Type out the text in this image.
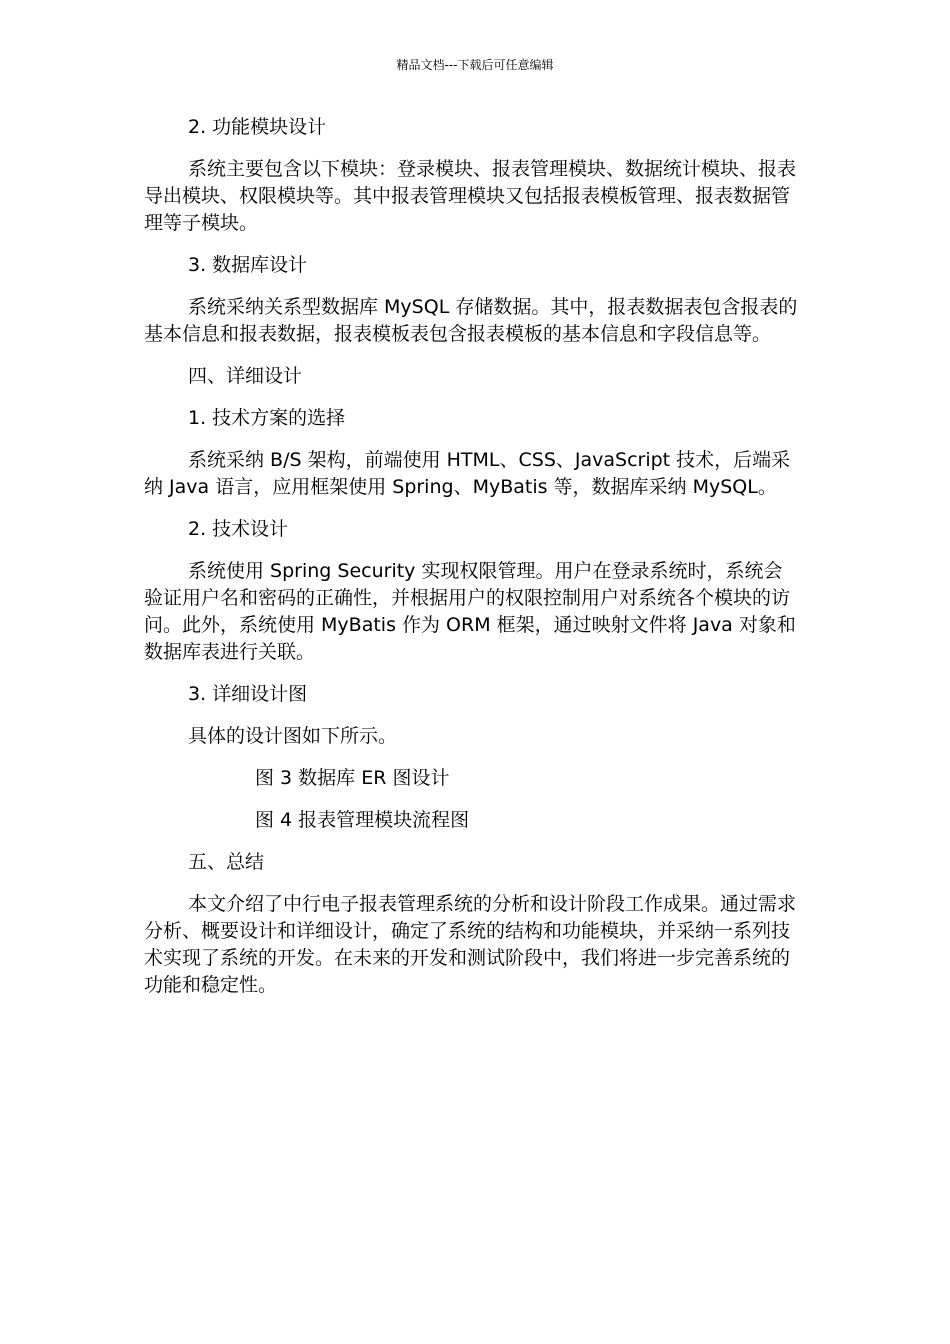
精品文档---下载后可任意编辑
2. 功能模块设计
系统主要包含以下模块：登录模块、报表管理模块、数据统计模块、报表导出模块、权限模块等。其中报表管理模块又包括报表模板管理、报表数据管理等子模块。
3. 数据库设计
系统采纳关系型数据库 MySQL 存储数据。其中，报表数据表包含报表的基本信息和报表数据，报表模板表包含报表模板的基本信息和字段信息等。
四、详细设计
1. 技术方案的选择
系统采纳 B/S 架构，前端使用 HTML、CSS、JavaScript 技术，后端采纳 Java 语言，应用框架使用 Spring、MyBatis 等，数据库采纳 MySQL。
2. 技术设计
系统使用 Spring Security 实现权限管理。用户在登录系统时，系统会验证用户名和密码的正确性，并根据用户的权限控制用户对系统各个模块的访问。此外，系统使用 MyBatis 作为 ORM 框架，通过映射文件将 Java 对象和数据库表进行关联。
3. 详细设计图
具体的设计图如下所示。
图 3 数据库 ER 图设计
图 4 报表管理模块流程图
五、总结
本文介绍了中行电子报表管理系统的分析和设计阶段工作成果。通过需求分析、概要设计和详细设计，确定了系统的结构和功能模块，并采纳一系列技术实现了系统的开发。在未来的开发和测试阶段中，我们将进一步完善系统的功能和稳定性。
